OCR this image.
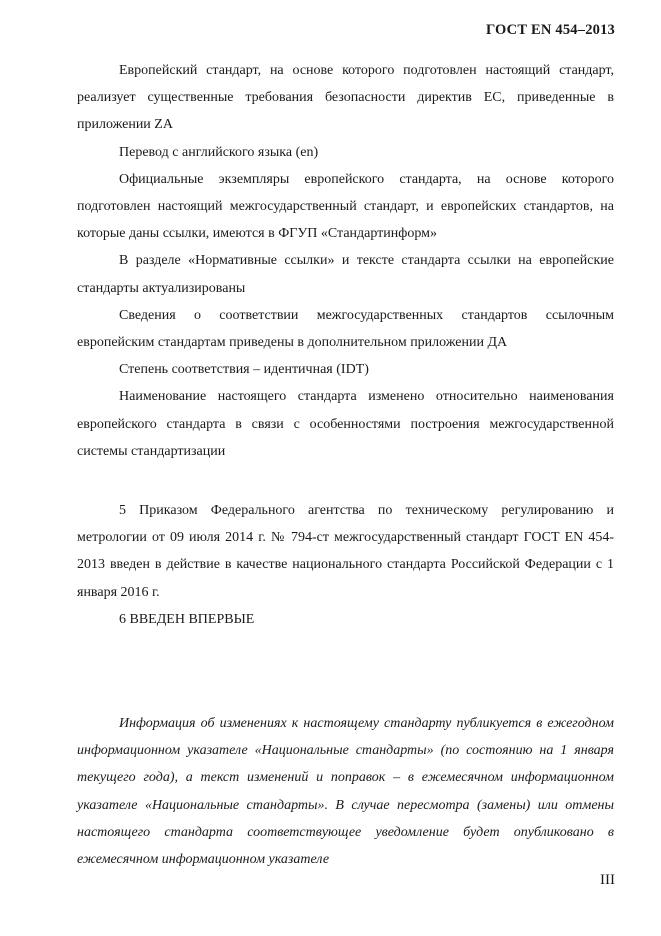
ГОСТ EN 454–2013

Европейский стандарт, на основе которого подготовлен настоящий стандарт, реализует существенные требования безопасности директив ЕС, приведенные в приложении ZA

Перевод с английского языка (en)

Официальные экземпляры европейского стандарта, на основе которого подготовлен настоящий межгосударственный стандарт, и европейских стандартов, на которые даны ссылки, имеются в ФГУП «Стандартинформ»

В разделе «Нормативные ссылки» и тексте стандарта ссылки на европейские стандарты актуализированы

Сведения о соответствии межгосударственных стандартов ссылочным европейским стандартам приведены в дополнительном приложении ДА

Степень соответствия – идентичная (IDT)

Наименование настоящего стандарта изменено относительно наименования европейского стандарта в связи с особенностями построения межгосударственной системы стандартизации

5 Приказом Федерального агентства по техническому регулированию и метрологии от 09 июля 2014 г. № 794-ст межгосударственный стандарт ГОСТ EN 454-2013 введен в действие в качестве национального стандарта Российской Федерации с 1 января 2016 г.

6 ВВЕДЕН ВПЕРВЫЕ

Информация об изменениях к настоящему стандарту публикуется в ежегодном информационном указателе «Национальные стандарты» (по состоянию на 1 января текущего года), а текст изменений и поправок – в ежемесячном информационном указателе «Национальные стандарты». В случае пересмотра (замены) или отмены настоящего стандарта соответствующее уведомление будет опубликовано в ежемесячном информационном указателе

III
